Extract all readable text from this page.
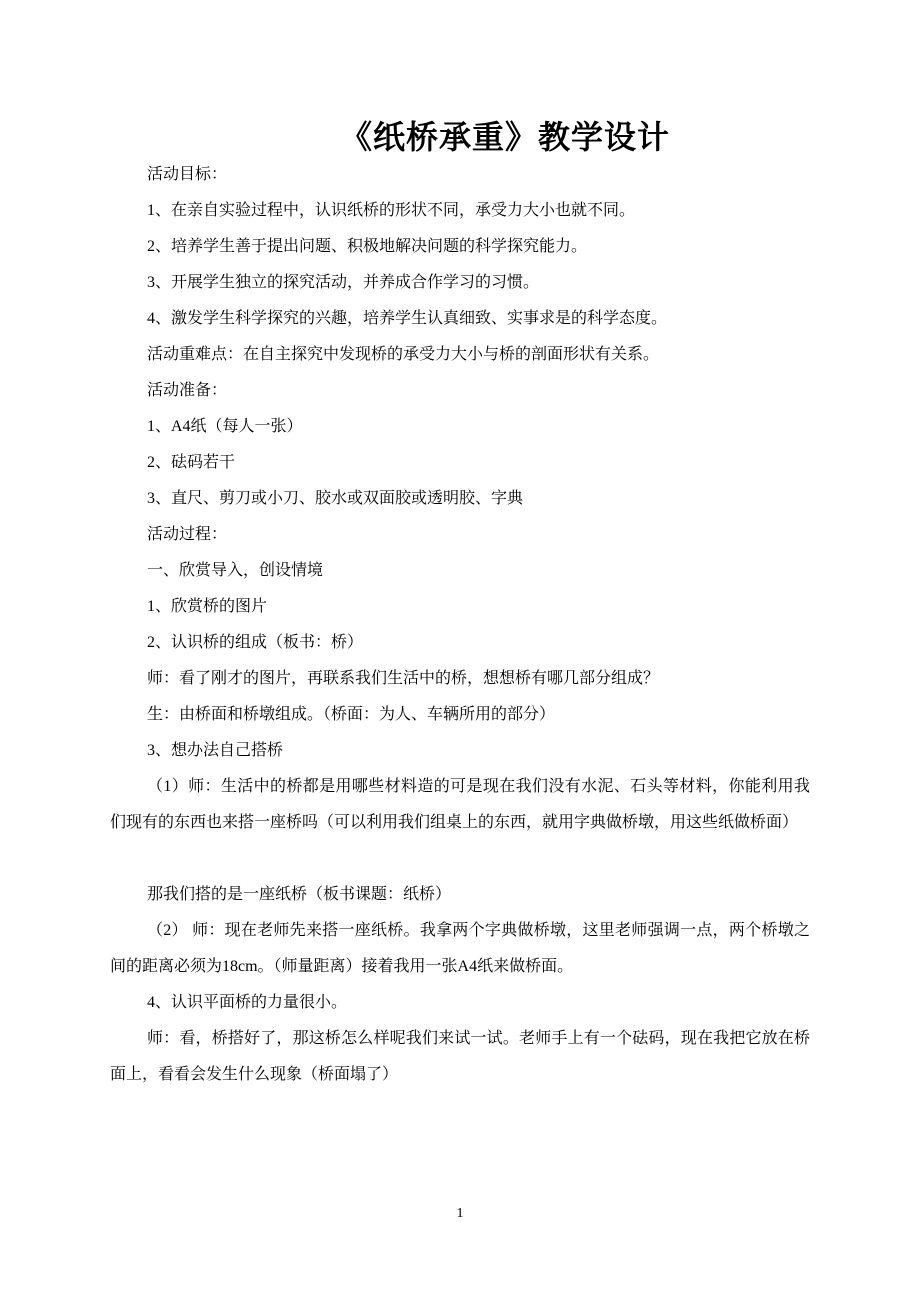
《纸桥承重》教学设计

活动目标：

1、在亲自实验过程中，认识纸桥的形状不同，承受力大小也就不同。

2、培养学生善于提出问题、积极地解决问题的科学探究能力。

3、开展学生独立的探究活动，并养成合作学习的习惯。

4、激发学生科学探究的兴趣，培养学生认真细致、实事求是的科学态度。

活动重难点：在自主探究中发现桥的承受力大小与桥的剖面形状有关系。

活动准备：

1、A4纸（每人一张）

2、砝码若干

3、直尺、剪刀或小刀、胶水或双面胶或透明胶、字典

活动过程：

一、欣赏导入，创设情境

1、欣赏桥的图片

2、认识桥的组成（板书：桥）

师：看了刚才的图片，再联系我们生活中的桥，想想桥有哪几部分组成？

生：由桥面和桥墩组成。（桥面：为人、车辆所用的部分）

3、想办法自己搭桥

（1）师：生活中的桥都是用哪些材料造的可是现在我们没有水泥、石头等材料，你能利用我们现有的东西也来搭一座桥吗（可以利用我们组桌上的东西，就用字典做桥墩，用这些纸做桥面）

那我们搭的是一座纸桥（板书课题：纸桥）

（2） 师：现在老师先来搭一座纸桥。我拿两个字典做桥墩，这里老师强调一点，两个桥墩之间的距离必须为18cm。（师量距离）接着我用一张A4纸来做桥面。

4、认识平面桥的力量很小。

师：看，桥搭好了，那这桥怎么样呢我们来试一试。老师手上有一个砝码，现在我把它放在桥面上，看看会发生什么现象（桥面塌了）

1
